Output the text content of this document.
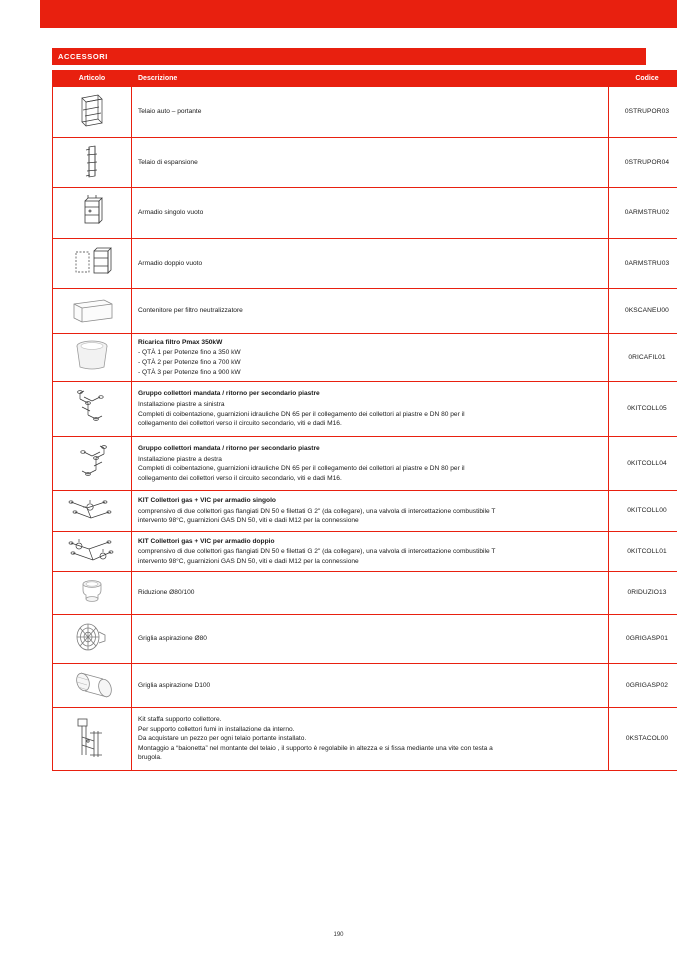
ACCESSORI
Articolo	Descrizione	Codice

Telaio auto – portante	0STRUPOR03

Telaio di espansione	0STRUPOR04

Armadio singolo vuoto	0ARMSTRU02

Armadio doppio vuoto	0ARMSTRU03

Contenitore per filtro neutralizzatore	0KSCANEU00

Ricarica filtro Pmax 350kW
- QTÀ 1 per Potenze fino a 350 kW
- QTÀ 2 per Potenze fino a 700 kW
- QTÀ 3 per Potenze fino a 900 kW	0RICAFIL01

Gruppo collettori mandata / ritorno per secondario piastre
Installazione piastre a sinistra
Completi di coibentazione, guarnizioni idrauliche DN 65 per il collegamento dei collettori al piastre e DN 80 per il
collegamento dei collettori verso il circuito secondario, viti e dadi M16.	0KITCOLL05

Gruppo collettori mandata / ritorno per secondario piastre
Installazione piastre a destra
Completi di coibentazione, guarnizioni idrauliche DN 65 per il collegamento dei collettori al piastre e DN 80 per il
collegamento dei collettori verso il circuito secondario, viti e dadi M16.	0KITCOLL04

KIT Collettori gas + VIC per armadio singolo
comprensivo di due collettori gas flangiati DN 50 e filettati G 2" (da collegare), una valvola di intercettazione combustibile T
intervento 98°C, guarnizioni GAS DN 50, viti e dadi M12 per la connessione	0KITCOLL00

KIT Collettori gas + VIC per armadio doppio
comprensivo di due collettori gas flangiati DN 50 e filettati G 2" (da collegare), una valvola di intercettazione combustibile T
intervento 98°C, guarnizioni GAS DN 50, viti e dadi M12 per la connessione	0KITCOLL01

Riduzione Ø80/100	0RIDUZIO13

Griglia aspirazione Ø80	0GRIGASP01

Griglia aspirazione D100	0GRIGASP02

Kit staffa supporto collettore.
Per supporto collettori fumi in installazione da interno.
Da acquistare un pezzo per ogni telaio portante installato.
Montaggio a “baionetta” nel montante del telaio , il supporto è regolabile in altezza e si fissa mediante una vite con testa a
brugola.	0KSTACOL00
190
